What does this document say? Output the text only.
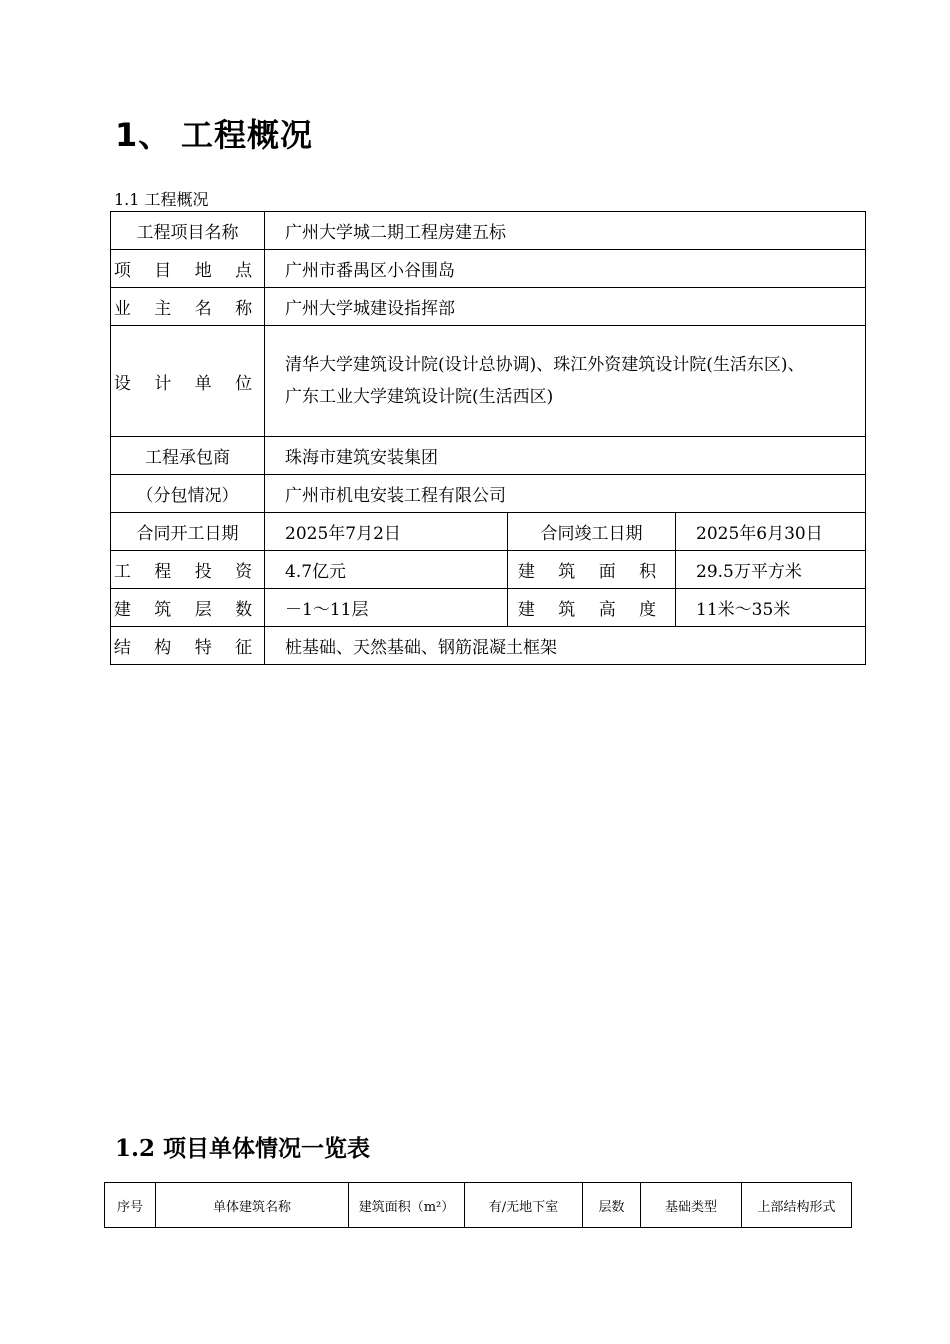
1、 工程概况
1.1 工程概况
工程项目名称	广州大学城二期工程房建五标		
项 目 地 点	广州市番禺区小谷围岛		
业 主 名 称	广州大学城建设指挥部		
设 计 单 位	清华大学建筑设计院(设计总协调)、珠江外资建筑设计院(生活东区)、
广东工业大学建筑设计院(生活西区)		

工程承包商	珠海市建筑安装集团		
（分包情况）	广州市机电安装工程有限公司		
合同开工日期	2025年7月2日	合同竣工日期	2025年6月30日
工 程 投 资	4.7亿元	建 筑 面 积	29.5万平方米
建 筑 层 数	－1～11层	建 筑 高 度	11米～35米
结 构 特 征	桩基础、天然基础、钢筋混凝土框架		
1.2 项目单体情况一览表
序号	单体建筑名称	建筑面积（m²）	有/无地下室	层数	基础类型	上部结构形式
